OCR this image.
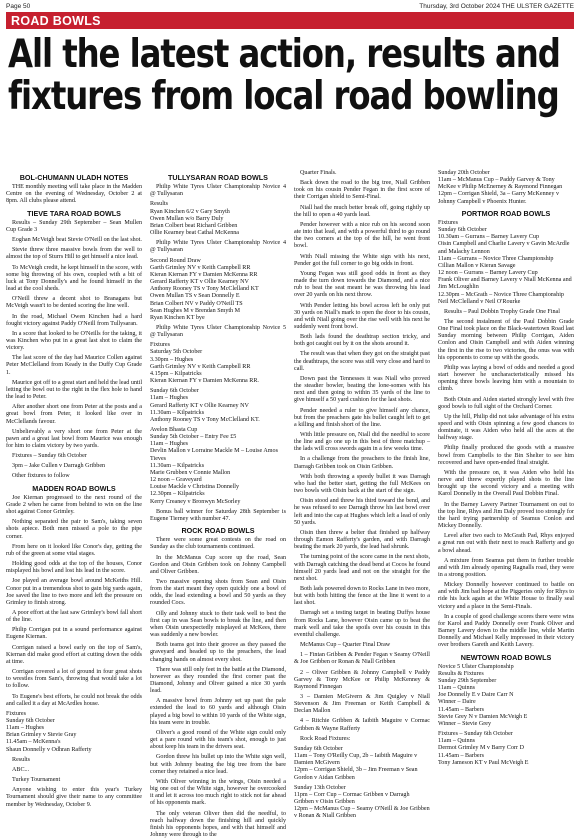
Page 50	Thursday, 3rd October 2024 THE ULSTER GAZETTE
ROAD BOWLS
All the latest action, results and fixtures from local road bowling
BOL-CHUMANN ULADH NOTES

THE monthly meeting will take place in the Madden Centre on the evening of Wednesday, October 2 at 8pm. All clubs please attend.

TIEVE TARA ROAD BOWLS

Results – Sunday 29th September – Sean Mullen Cup Grade 3

Eoghan McVeigh beat Stevie O'Neill on the last shot.

Stevie threw three massive bowls from the well to almost the top of Sturrs Hill to get himself a nice lead.

To McVeigh credit, he kept himself in the score, with some big throwing of his own, coupled with a bit of luck at Tony Donnelly's and he found himself in the lead at the cool sheds.

O'Neill threw a decent shot to Branagans but McVeigh wasn't to be denied scoring the line well.

In the road, Michael Owen Kinchen had a hard fought victory against Paddy O'Neill from Tullysaran.

In a score that looked to be O'Neills for the taking, it was Kinchen who put in a great last shot to claim the victory.

The last score of the day had Maurice Collen against Peter McClelland from Keady in the Duffy Cup Grade 1.

Maurice got off to a great start and held the lead until letting the bowl out to the right in the flex hole to hand the lead to Peter.

After another short one from Peter at the posts and a great bowl from Peter, it looked like over in McClellands favour.

Unbelievably a very short one from Peter at the pawn and a great last bowl from Maurice was enough for him to claim victory by two yards.

Fixtures – Sunday 6th October

3pm – Jake Cullen v Darragh Gribben

Other fixtures to follow

MADDEN ROAD BOWLS

Joe Kiernan progressed to the next round of the Grade 2 when he came from behind to win on the line shot against Conor Grimley.

Nothing separated the pair to Sam's, taking seven shots apiece. Both men missed a pole to the pipe corner.

From here on it looked like Conor's day, getting the rub of the green at some vital stages.

Holding good odds at the top of the houses, Conor misplayed his bowl and lost his lead in the score.

Joe played an average bowl around McKeiths Hill. Conor put in a tremendous shot to gain big yards again, Joe saved the line to two more and left the pressure on Grimley to finish strong.

A poor effort at the last saw Grimley's bowl fall short of the line.

Philip Corrigan put in a sound performance against Eugene Kiernan.

Corrigan raised a bowl early on the top of Sam's, Kiernan did make good effort at cutting down the odds at time.

Corrigan covered a lot of ground in four great shots to wrestles from Sam's, throwing that would take a lot to follow.

To Eugene's best efforts, he could not break the odds and called it a day at McArdles house.

Fixtures
Sunday 6th October
11am – Hughes
Brian Grimley v Stevie Gray
11.45am – McKenna's
Shaun Donnelly v Odhran Rafferty

Results

ABC...

Turkey Tournament

Anyone wishing to enter this year's Turkey Tournament should give their name to any committee member by Wednesday, October 9.

TULLYSARAN ROAD BOWLS

Philip White Tyres Ulster Championship Novice 4 @ Tullysaran

Results
Ryan Kinchen 6/2 v Gary Smyth
Owen Mullan w/o Barry Duly
Brian Colbert beat Richard Gribben
Ollie Kearney beat Cathal McKenna

Philip White Tyres Ulster Championship Novice 4 @ Tullysaran

Second Round Draw
Garth Grimley NV v Keith Campbell RR
Kieran Kiernan FY v Damien McKenna RR
Gerard Rafferty KT v Ollie Kearney NV
Anthony Rooney TS v Tony McClelland KT
Owen Mullan TS v Sean Donnelly E
Brian Colbert NV v Paddy O'Neill TS
Sean Hughes M v Brendan Smyth M
Ryan Kinchen KT bye

Philip White Tyres Ulster Championship Novice 5 @ Tullysaran

Fixtures
Saturday 5th October
3.30pm – Hughes
Garth Grimley NV v Keith Campbell RR
4.15pm – Kilpatricks
Kieran Kiernan FY v Damien McKenna RR.
Sunday 6th October
11am – Hughes
Gerard Rafferty KT v Ollie Kearney NV
11.30am – Kilpatricks
Anthony Rooney TS v Tony McClelland KT.
Avelon Bhasta Cup
Sunday 5th October – Entry Fee £5
11am – Hughes
Devlin Mallon v Lorraine Mackle M – Louise Amos Tieves
11.30am – Kilpatricks
Marie Grubben v Connie Mallon
12 noon – Graveyard
Louise Mackle v Christina Donnelly
12.30pm – Kilpatricks
Kerry Creaney v Bronwyn McSorley

Bonus ball winner for Saturday 28th September is Eugene Tierney with number 47.

ROCK ROAD BOWLS

There were some great contests on the road on Sunday as the club tournaments continued.

In the McManus Cup score up the road, Sean Gordon and Oisin Gribben took on Johnny Campbell and Oliver Gribben.

Two massive opening shots from Sean and Oisin from the start meant they open quickly one a bowl of odds, the lead extending a bowl and 50 yards as they rounded Cocs.

Olly and Johnny stuck to their task well to best the first cap in was Sean bowls to break the line, and then when Oisin unexpectedly misplayed at McKees, there was suddenly a new bowler.

Both teams got into their groove as they passed the graveyard and headed up to the preachers, the lead changing hands on almost every shot.

There was still only feet in the battle at the Diamond, however as they rounded the first corner past the Diamond, Johnny and Oliver gained a nice 30 yards lead.

A massive bowl from Johnny set up past the pale extended the lead to 60 yards and although Oisin played a big bowl to within 10 yards of the White sign, his team were in trouble.

Oliver's a good round of the White sign could only get a pare round with his team's shot, enough to just about keep his team in the drivers seat.

Gordon threw his bullet up into the White sign well, but with Johnny beating the big tree from the bare corner they retained a nice lead.

With Oliver winning in the wings, Oisin needed a big one out of the White sign, however he overcooked it and let it across too much right to stick not far ahead of his opponents mark.

The only veteran Oliver then did the needful, to reach halfway down the finishing hill and quickly finish his opponents hopes, and with that himself and Johnny were through to the

Quarter Finals.

Back down the road to the big tree, Niall Gribben took on his cousin Pender Fegan in the first score of their Corrigan shield to Semi-Final.

Niall had the much better break off, going rightly up the hill to open a 40 yards lead.

Pender however with a nice rub on his second soon ate into that lead, and with a powerful third to go round the two corners at the top of the hill, he went front bowl.

With Niall missing the White sign with his next, Pender got the full corner to go big odds in front.

Young Fegan was still good odds in front as they made the turn down towards the Diamond, and a nice rub to beat the seat meant he was throwing his lead over 20 yards on his next throw.

With Pender letting his bowl across left he only put 30 yards on Niall's mark to open the door to his cousin, and with Niall going over the rise well with his next he suddenly went front bowl.

Both lads found the deathtrap section tricky, and both got caught out by it on the shots around it.

The result was that when they got on the straight past the deathtraps, the score was still very close and hard to call.

Down past the Tennesses it was Niall who proved the steadier bowler, beating the lone-somes with his next and then going to within 35 yards of the line to give himself a 50 yard cushion for the last shots.

Pender needed a ruler to give himself any chance, but from the preachers gate his bullet caught left to get a killing and finish short of the line.

With little pressure on, Niall did the needful to score the line and go one up in this best of three matchup – the lads will cross swords again in a few weeks time.

In a challenge from the preachers to the finish line, Darragh Gribben took on Oisin Gribben.

With both throwing a speedy bullet it was Darragh who had the better start, getting the full McKees on two bowls with Oisin back at the start of the sign.

Oisin stood and threw his third toward the bend, and he was refused to see Darragh throw his last bowl over left and into the cap at Hughes which left a lead of only 50 yards.

Oisin then threw a belter that finished up halfway through Eamon Rafferty's garden, and with Darragh beating the mark 20 yards, the lead had shrunk.

The turning point of the score came in the next shots, with Darragh catching the dead bend at Cocos he found himself 20 yards lead and not on the straight for the next shot.

Both lads powered down to Rocks Lane in two more, but with both hitting the fence at the line it went to a last shot.

Darragh set a testing target in beating Duffys house from Rocks Lane, however Oisin came up to beat the mark well and take the spoils over his cousin in this eventful challenge.

McManus Cup – Quarter Final Draw

1 – Fintan Gribben & Pender Fegan v Seamy O'Neill & Joe Gribben or Ronan & Niall Gribben

2 – Oliver Gribben & Johnny Campbell v Paddy Garvey & Tony McKee or Philip McKenney & Raymond Finnegan

3 – Damien McGivern & Jim Quigley v Niall Stevenson & Jim Freeman or Keith Campbell & Declan Mallon

4 – Ritchie Gribben & Iaibith Maguire v Cormac Gribben & Wayne Rafferty

Rock Road Fixtures:

Sunday 6th October
11am – Tony O'Reilly Cup, 2b – Iaibith Maguire v Damien McGivern
12pm – Corrigan Shield, 3b – Jim Freeman v Sean Gordon v Aidan Gribben
Sunday 13th October
11pm – Corr Cup – Cormac Gribben v Darragh Gribben v Oisin Gribben
12pm – McManus Cup – Seamy O'Neill & Joe Gribben v Ronan & Niall Gribben
Sunday 20th October
11am – McManus Cup – Paddy Garvey & Tony McKee v Philip McEnerney & Raymond Finnegan
12pm – Corrigan Shield, 3a – Garry McKenney v Johnny Campbell v Phoenix Hunter.
PORTMOR ROAD BOWLS
Fixtures
Sunday 6th October
10.30am – Gurrans – Barney Lavery Cup
Oisin Campbell and Charlie Lavery v Gavin McArdle and Malachy Lennon
11am – Gurrans – Novice Three Championship
Cillian Mallon v Kieran Savage
12 noon – Gurrans – Barney Lavery Cup
Frank Oliver and Barney Lavery v Niall McKenna and Jim McLoughlin
12.30pm – McGrath – Novice Three Championship
Neil McClelland v Neil O'Rourke

Results – Paul Dobbin Trophy Grade One Final

The second instalment of the Paul Dobbin Grade One Final took place on the Black-watertown Road last Sunday morning between Philip Corrigan, Aiden Conlon and Oisin Campbell and with Aiden winning the first in the rise to two victories, the onus was with his opponents to come up with the goods.

Philip was laying a bowl of odds and needed a good start however he uncharacteristically missed his opening three bowls leaving him with a mountain to climb.

Both Oisin and Aiden started strongly level with five good bowls to full sight of the Orchard Corner.

Up the hill, Philip did not take advantage of his extra speed and with Oisin spinning a few good chances to dominate, it was Aiden who held all the aces at the halfway stage.

Philip finally produced the goods with a massive bowl from Campbells to the Bin Shelter to see him recovered and have open-ended final straight.

With the pressure on, it was Aiden who held his nerve and threw expertly played shots to the line brought up the second victory and a meeting with Karol Donnelly in the Overall Paul Dobbin Final.

In the Barney Lavery Partner Tournament on out to the top line, Rhys and Jim Daly proved too strongly for the hard trying partnership of Seamus Conlon and Mickey Donnelly.

Level after two each to McGrath Pad, Rhys enjoyed a great run out with their next to reach Rafferty and go a bowl ahead.

A mixture from Seamus put them in further trouble and with Jim already opening Ragnalls road, they were in a strong position.

Mickey Donnelly however continued to battle on and with Jim bad hope at the Piggeries only for Rhys to ride his luck again at the White House to finally seal victory and a place in the Semi-Finals.

In a couple of good challenge scores there were wins for Karol and Paddy Donnelly over Frank Oliver and Barney Lavery down to the middle line, while Martin Donnelly and Michael Kelly impressed in their victory over brothers Gareth and Keith Lavery.

NEWTOWN ROAD BOWLS
Novice 5 Ulster Championship
Results & Fixtures
Sunday 29th September
11am – Quinns
Joe Donnelly E v Daire Carr N
Winner – Daire
11.45am – Barbers
Stevie Grey N v Damien McVeigh E
Winner – Stevie Grey
Fixtures – Sunday 6th October
11am – Quinns
Dermot Grimley M v Barry Corr D
11.45am – Barbers
Tony Jameson KT v Paul McVeigh E
